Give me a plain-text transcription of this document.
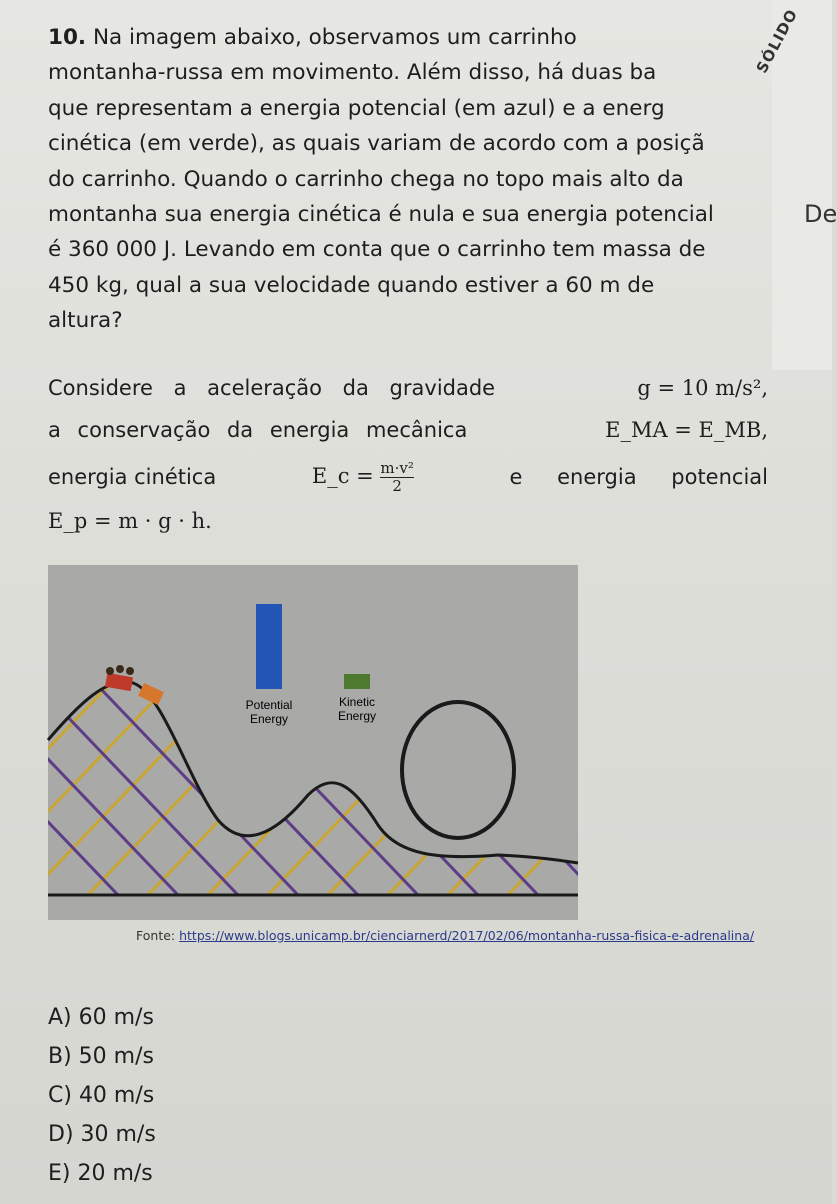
SÓLIDO
De
10. Na imagem abaixo, observamos um carrinho
montanha-russa em movimento. Além disso, há duas ba
que representam a energia potencial (em azul) e a energ
cinética (em verde), as quais variam de acordo com a posiçã
do carrinho. Quando o carrinho chega no topo mais alto da
montanha sua energia cinética é nula e sua energia potencial
é 360 000 J. Levando em conta que o carrinho tem massa de
450 kg, qual a sua velocidade quando estiver a 60 m de
altura?
Considere a aceleração da gravidade	g = 10 m/s²,
a conservação da energia mecânica	E_MA = E_MB,
energia cinética	E_c = $\frac{\text{m·v²}}{2}$	e energia potencial
E_p = m · g · h.
Potential
Energy
Kinetic
Energy
Fonte: https://www.blogs.unicamp.br/cienciarnerd/2017/02/06/montanha-russa-fisica-e-adrenalina/
A) 60 m/s
B) 50 m/s
C) 40 m/s
D) 30 m/s
E) 20 m/s
